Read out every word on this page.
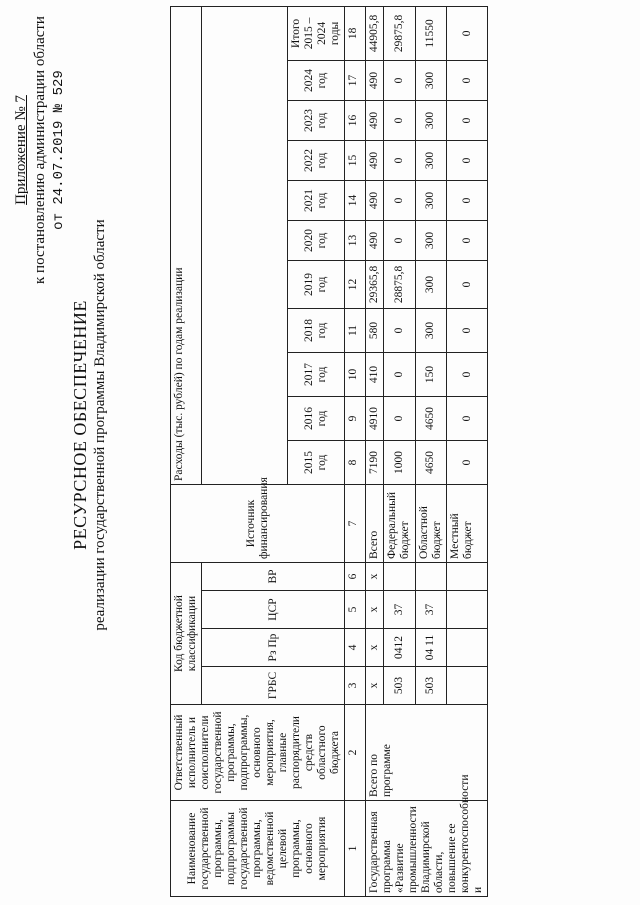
Приложение № 7 к постановлению администрации области от 24.07.2019 № 529
РЕСУРСНОЕ ОБЕСПЕЧЕНИЕ реализации государственной программы Владимирской области
Наименование государственной программы, подпрограммы государственной программы, ведомственной целевой программы, основного мероприятия	Ответственный исполнитель и соисполнители государственной программы, подпрограммы, основного мероприятия, главные распорядители средств областного бюджета	Код бюджетной классификации				Источник финансирования	Расходы (тыс. рублей) по годам реализации										
		ГРБС	Рз Пр	ЦСР	ВР												
							2015 год	2016 год	2017 год	2018 год	2019 год	2020 год	2021 год	2022 год	2023 год	2024 год	Итого 2015 – 2024 годы
1	2	3	4	5	6	7	8	9	10	11	12	13	14	15	16	17	18
Государственная программа «Развитие промышленности Владимирской области, повышение ее конкурентоспособности и	Всего по программе	x	x	x	x	Всего	7190	4910	410	580	29365,8	490	490	490	490	490	44905,8
		503	0412	37		Федеральный бюджет	1000	0	0	0	28875,8	0	0	0	0	0	29875,8
		503	04 11	37		Областной бюджет	4650	4650	150	300	300	300	300	300	300	300	11550
						Местный бюджет	0	0	0	0	0	0	0	0	0	0	0
